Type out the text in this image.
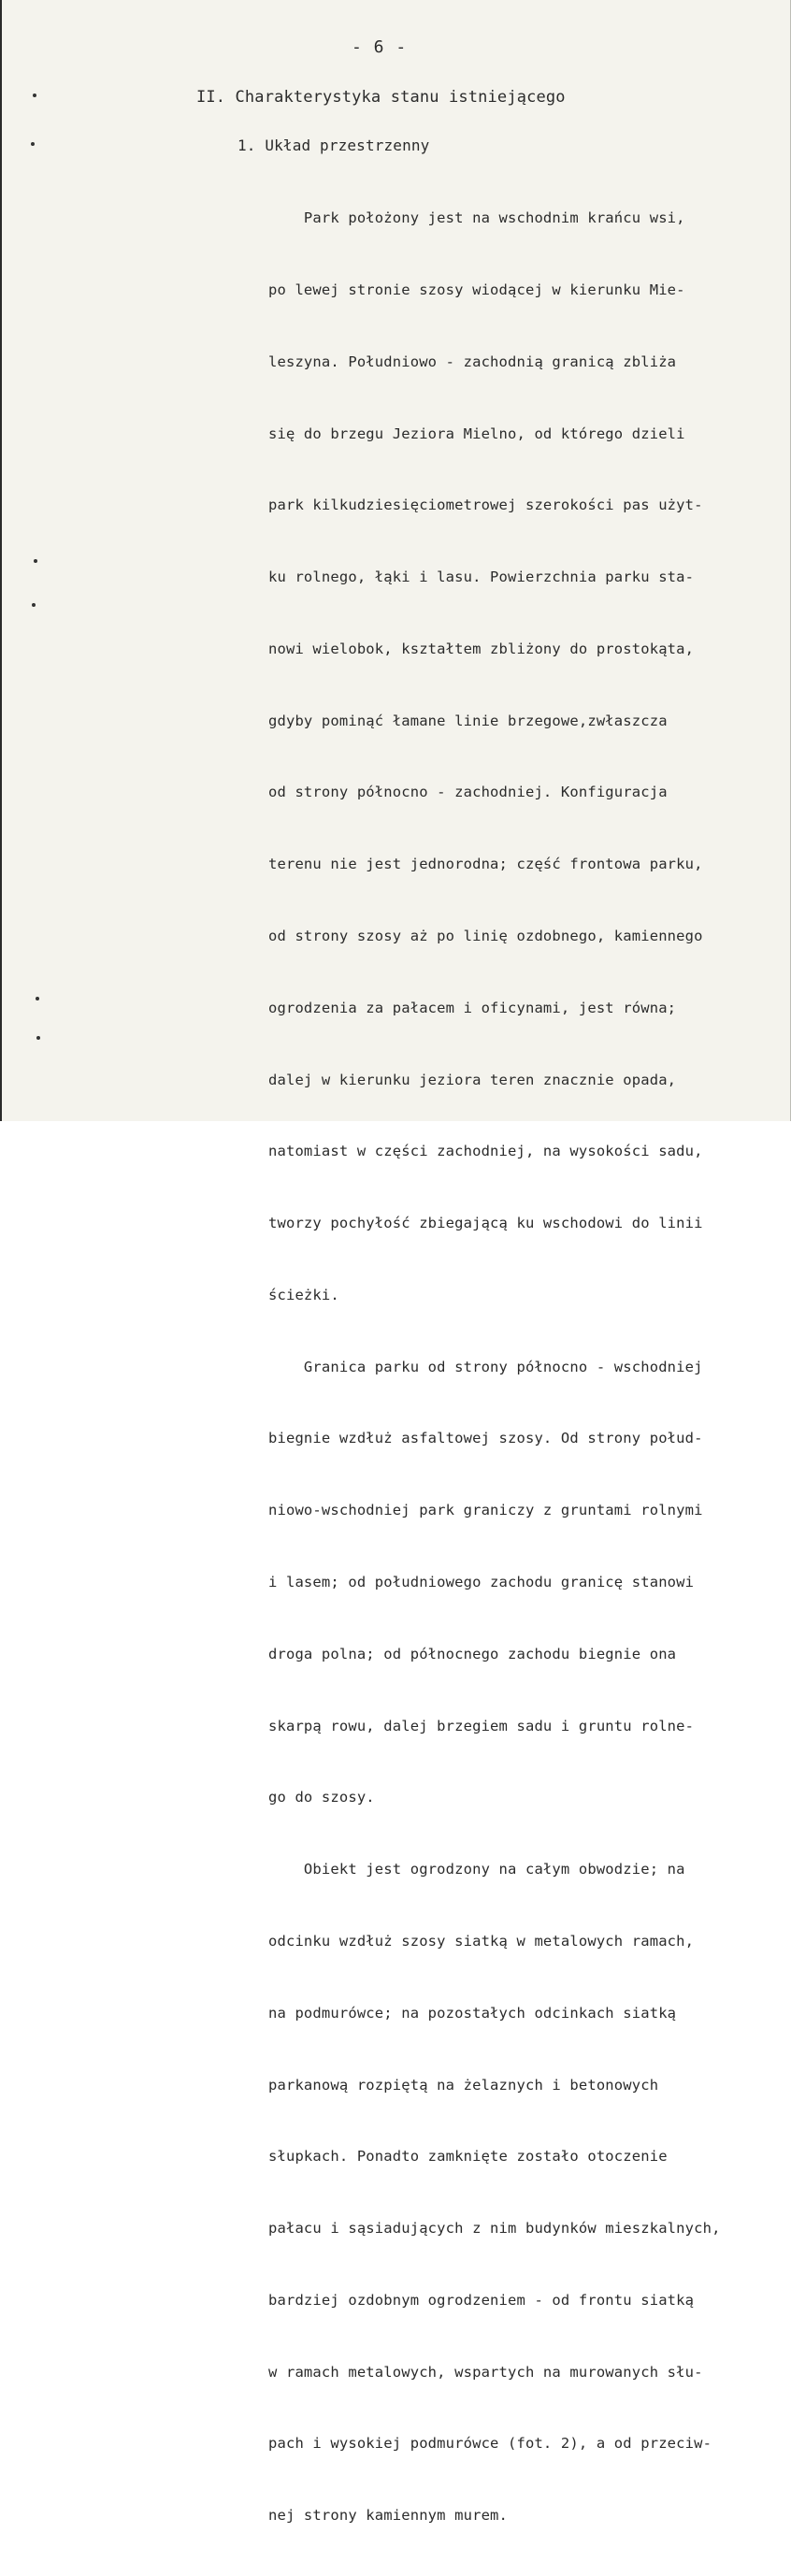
- 6 -
II. Charakterystyka stanu istniejącego
1. Układ przestrzenny

Park położony jest na wschodnim krańcu wsi,

po lewej stronie szosy wiodącej w kierunku Mie-

leszyna. Południowo - zachodnią granicą zbliża

się do brzegu Jeziora Mielno, od którego dzieli

park kilkudziesięciometrowej szerokości pas użyt-

ku rolnego, łąki i lasu. Powierzchnia parku sta-

nowi wielobok, kształtem zbliżony do prostokąta,

gdyby pominąć łamane linie brzegowe,zwłaszcza

od strony północno - zachodniej. Konfiguracja

terenu nie jest jednorodna; część frontowa parku,

od strony szosy aż po linię ozdobnego, kamiennego

ogrodzenia za pałacem i oficynami, jest równa;

dalej w kierunku jeziora teren znacznie opada,

natomiast w części zachodniej, na wysokości sadu,

tworzy pochyłość zbiegającą ku wschodowi do linii

ścieżki.

Granica parku od strony północno - wschodniej

biegnie wzdłuż asfaltowej szosy. Od strony połud-

niowo-wschodniej park graniczy z gruntami rolnymi

i lasem; od południowego zachodu granicę stanowi

droga polna; od północnego zachodu biegnie ona

skarpą rowu, dalej brzegiem sadu i gruntu rolne-

go do szosy.

Obiekt jest ogrodzony na całym obwodzie; na

odcinku wzdłuż szosy siatką w metalowych ramach,

na podmurówce; na pozostałych odcinkach siatką

parkanową rozpiętą na żelaznych i betonowych

słupkach. Ponadto zamknięte zostało otoczenie

pałacu i sąsiadujących z nim budynków mieszkalnych,

bardziej ozdobnym ogrodzeniem - od frontu siatką

w ramach metalowych, wspartych na murowanych słu-

pach i wysokiej podmurówce (fot. 2), a od przeciw-

nej strony kamiennym murem.
